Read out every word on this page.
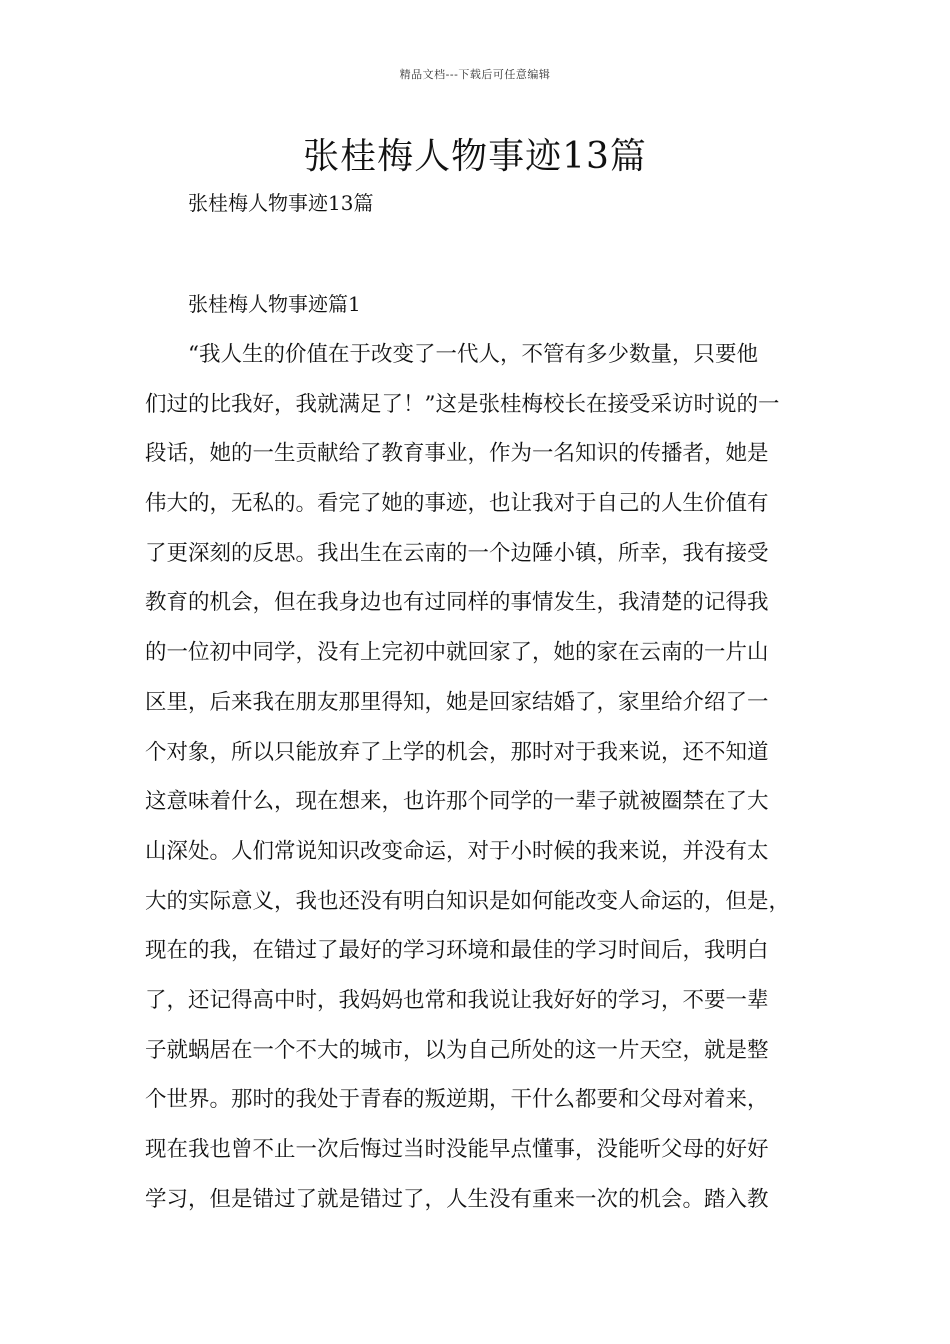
精品文档---下载后可任意编辑
张桂梅人物事迹13篇
张桂梅人物事迹13篇
张桂梅人物事迹篇1
“我人生的价值在于改变了一代人，不管有多少数量，只要他
们过的比我好，我就满足了！”这是张桂梅校长在接受采访时说的一
段话，她的一生贡献给了教育事业，作为一名知识的传播者，她是
伟大的，无私的。看完了她的事迹，也让我对于自己的人生价值有
了更深刻的反思。我出生在云南的一个边陲小镇，所幸，我有接受
教育的机会，但在我身边也有过同样的事情发生，我清楚的记得我
的一位初中同学，没有上完初中就回家了，她的家在云南的一片山
区里，后来我在朋友那里得知，她是回家结婚了，家里给介绍了一
个对象，所以只能放弃了上学的机会，那时对于我来说，还不知道
这意味着什么，现在想来，也许那个同学的一辈子就被圈禁在了大
山深处。人们常说知识改变命运，对于小时候的我来说，并没有太
大的实际意义，我也还没有明白知识是如何能改变人命运的，但是，
现在的我，在错过了最好的学习环境和最佳的学习时间后，我明白
了，还记得高中时，我妈妈也常和我说让我好好的学习，不要一辈
子就蜗居在一个不大的城市，以为自己所处的这一片天空，就是整
个世界。那时的我处于青春的叛逆期，干什么都要和父母对着来，
现在我也曾不止一次后悔过当时没能早点懂事，没能听父母的好好
学习，但是错过了就是错过了，人生没有重来一次的机会。踏入教
